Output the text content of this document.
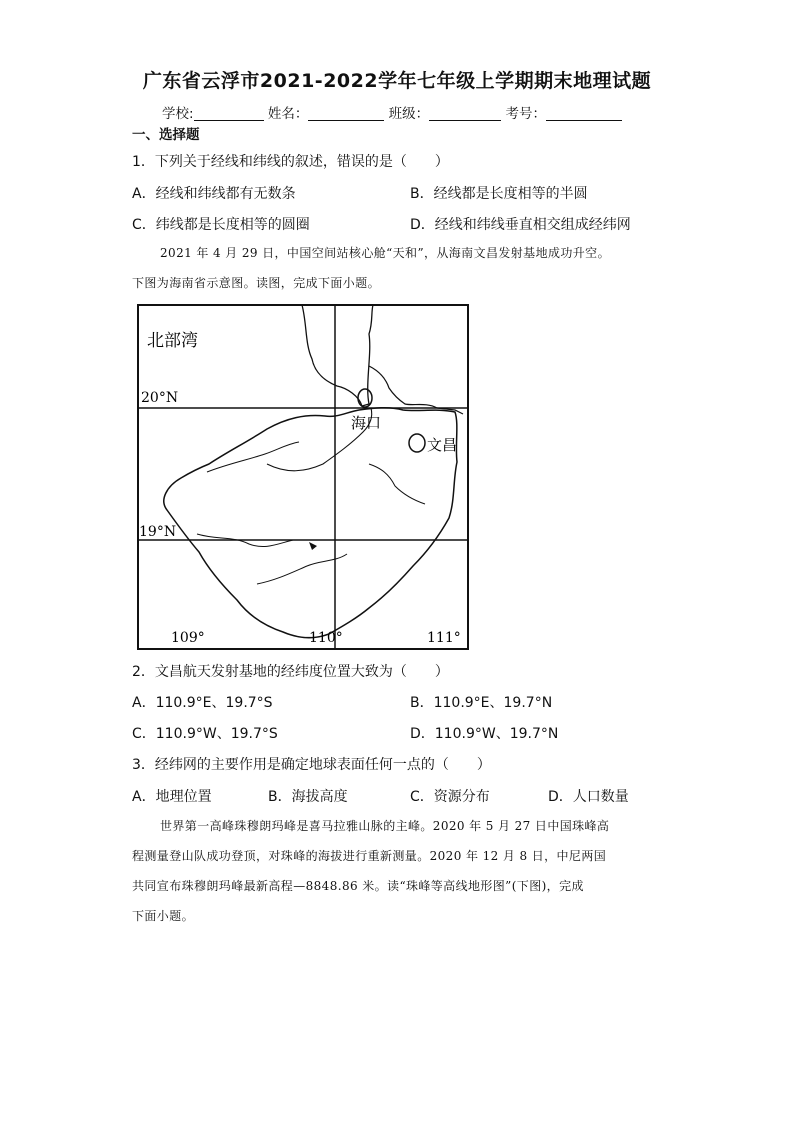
广东省云浮市2021-2022学年七年级上学期期末地理试题
学校:	姓名：	班级：	考号：
一、选择题
1．下列关于经线和纬线的叙述，错误的是（　　）
A．经线和纬线都有无数条	B．经线都是长度相等的半圆
C．纬线都是长度相等的圆圈	D．经线和纬线垂直相交组成经纬网
2021 年 4 月 29 日，中国空间站核心舱“天和”，从海南文昌发射基地成功升空。
下图为海南省示意图。读图，完成下面小题。
北部湾
20°N
19°N
109°	110°	111°
海口
文昌
2．文昌航天发射基地的经纬度位置大致为（　　）
A．110.9°E、19.7°S	B．110.9°E、19.7°N
C．110.9°W、19.7°S	D．110.9°W、19.7°N
3．经纬网的主要作用是确定地球表面任何一点的（　　）
A．地理位置	B．海拔高度	C．资源分布	D．人口数量
世界第一高峰珠穆朗玛峰是喜马拉雅山脉的主峰。2020 年 5 月 27 日中国珠峰高
程测量登山队成功登顶，对珠峰的海拔进行重新测量。2020 年 12 月 8 日，中尼两国
共同宣布珠穆朗玛峰最新高程—8848.86 米。读“珠峰等高线地形图”(下图)，完成
下面小题。
